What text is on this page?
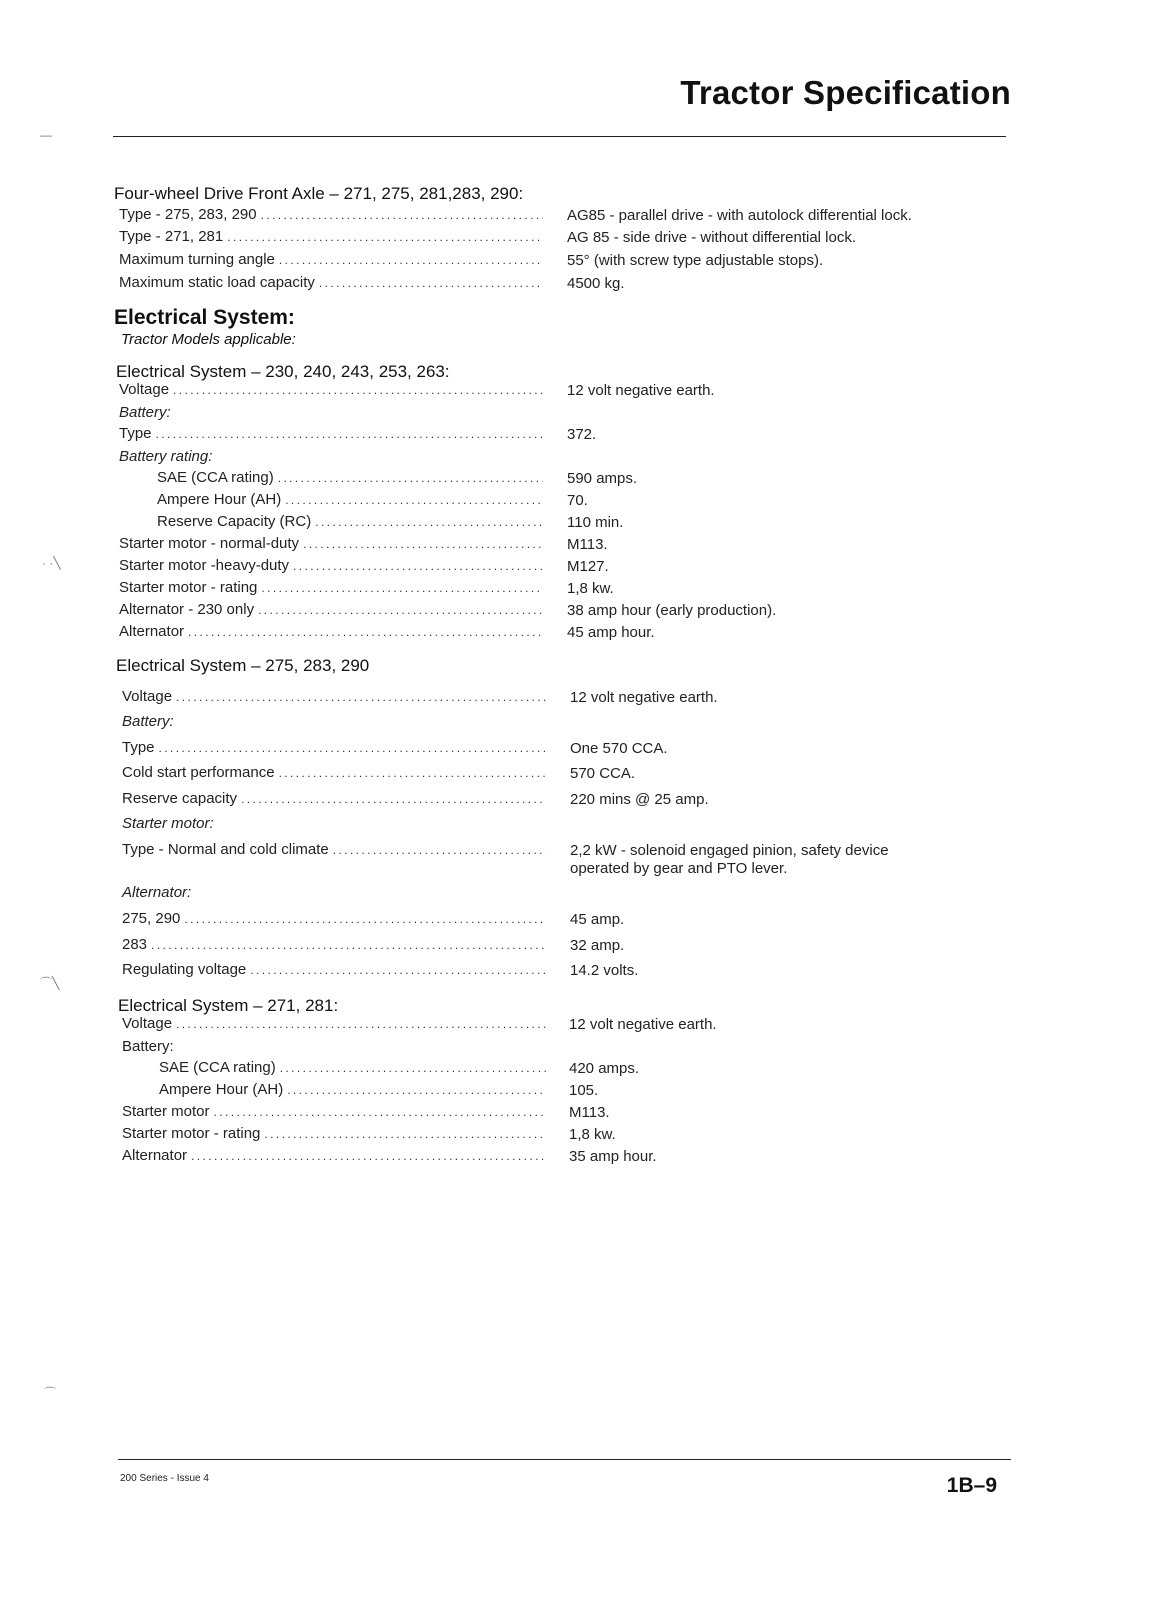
Tractor Specification
—
· ·╲
⌒╲
⌒
Four-wheel Drive Front Axle – 271, 275, 281,283, 290:
Type - 275, 283, 290 .....	AG85 - parallel drive - with autolock differential lock.
Type - 271, 281 .....	AG 85 - side drive - without differential lock.
Maximum turning angle .....	55° (with screw type adjustable stops).
Maximum static load capacity .....	4500 kg.
Electrical System:
Tractor Models applicable:
Electrical System – 230, 240, 243, 253, 263:
Voltage .....	12 volt negative earth.
Battery:
Type .....	372.
Battery rating:
SAE (CCA rating) .....	590 amps.
Ampere Hour (AH) .....	70.
Reserve Capacity (RC) .....	110 min.
Starter motor - normal-duty .....	M113.
Starter motor -heavy-duty .....	M127.
Starter motor - rating .....	1,8 kw.
Alternator - 230 only .....	38 amp hour (early production).
Alternator .....	45 amp hour.
Electrical System – 275, 283, 290
Voltage .....	12 volt negative earth.
Battery:
Type .....	One 570 CCA.
Cold start performance .....	570 CCA.
Reserve capacity .....	220 mins @ 25 amp.
Starter motor:
Type - Normal and cold climate .....	2,2 kW - solenoid engaged pinion, safety device
operated by gear and PTO lever.
Alternator:
275, 290 .....	45 amp.
283 .....	32 amp.
Regulating voltage .....	14.2 volts.
Electrical System – 271, 281:
Voltage .....	12 volt negative earth.
Battery:
SAE (CCA rating) .....	420 amps.
Ampere Hour (AH) .....	105.
Starter motor .....	M113.
Starter motor - rating .....	1,8 kw.
Alternator .....	35 amp hour.
200 Series - Issue 4	1B–9
